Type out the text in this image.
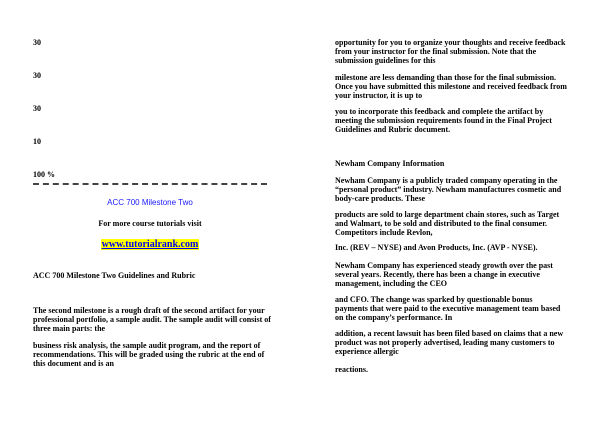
30
30
30
10
100 %
ACC 700 Milestone Two
For more course tutorials visit
www.tutorialrank.com
ACC 700 Milestone Two Guidelines and Rubric
The second milestone is a rough draft of the second artifact for your professional portfolio, a sample audit. The sample audit will consist of three main parts: the
business risk analysis, the sample audit program, and the report of recommendations. This will be graded using the rubric at the end of this document and is an
opportunity for you to organize your thoughts and receive feedback from your instructor for the final submission. Note that the submission guidelines for this
milestone are less demanding than those for the final submission. Once you have submitted this milestone and received feedback from your instructor, it is up to
you to incorporate this feedback and complete the artifact by meeting the submission requirements found in the Final Project Guidelines and Rubric document.
Newham Company Information
Newham Company is a publicly traded company operating in the “personal product” industry. Newham manufactures cosmetic and body-care products. These
products are sold to large department chain stores, such as Target and Walmart, to be sold and distributed to the final consumer. Competitors include Revlon,
Inc. (REV – NYSE) and Avon Products, Inc. (AVP - NYSE).
Newham Company has experienced steady growth over the past several years. Recently, there has been a change in executive management, including the CEO
and CFO. The change was sparked by questionable bonus payments that were paid to the executive management team based on the company’s performance. In
addition, a recent lawsuit has been filed based on claims that a new product was not properly advertised, leading many customers to experience allergic
reactions.
